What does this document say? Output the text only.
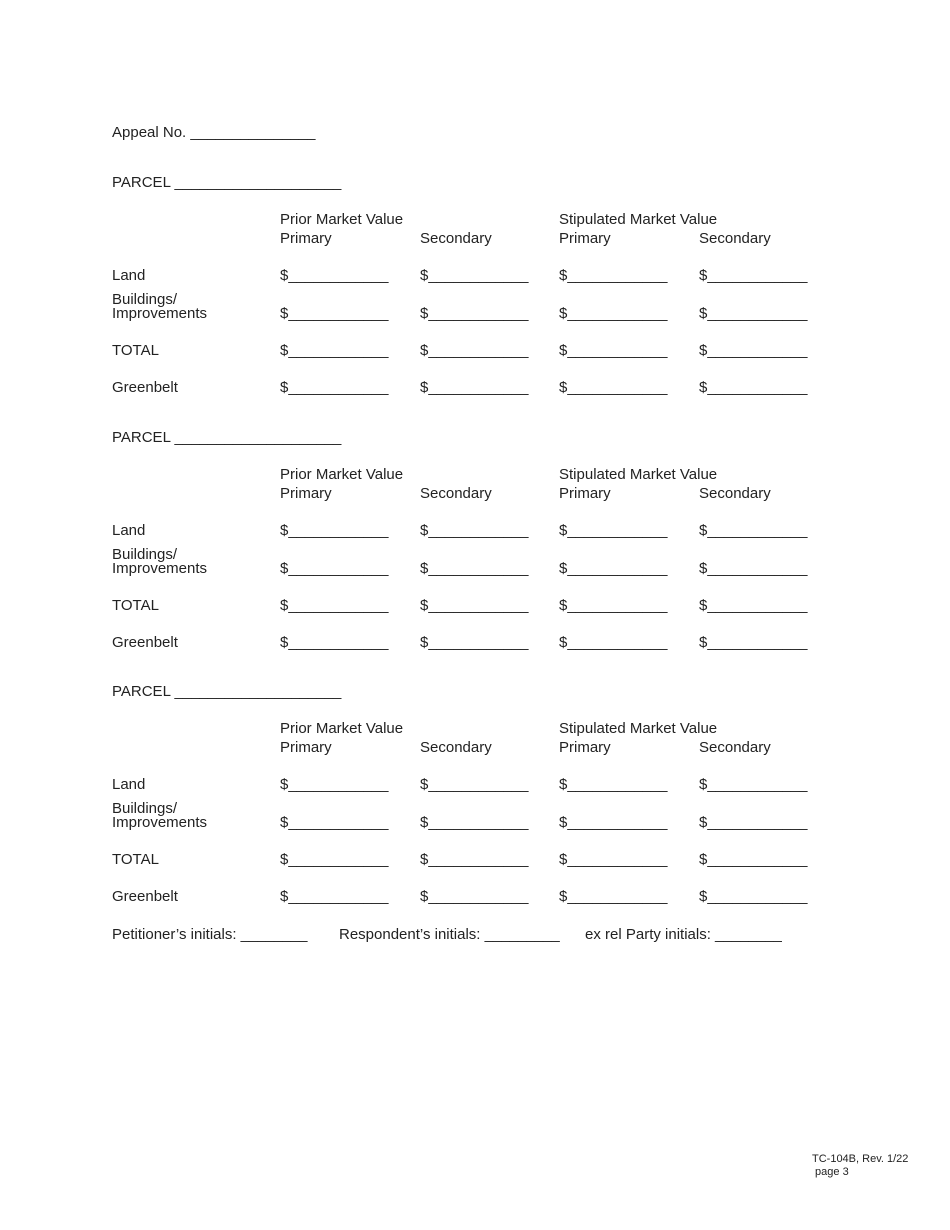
Appeal No. _______________
PARCEL ____________________
Prior Market Value	Stipulated Market Value
Primary	Secondary	Primary	Secondary
Land	$____________ $____________ $____________ $____________
Buildings/
Improvements	$____________ $____________ $____________ $____________
TOTAL	$____________ $____________ $____________ $____________
Greenbelt	$____________ $____________ $____________ $____________
PARCEL ____________________
Prior Market Value	Stipulated Market Value
Primary	Secondary	Primary	Secondary
Land	$____________ $____________ $____________ $____________
Buildings/
Improvements	$____________ $____________ $____________ $____________
TOTAL	$____________ $____________ $____________ $____________
Greenbelt	$____________ $____________ $____________ $____________
PARCEL ____________________
Prior Market Value	Stipulated Market Value
Primary	Secondary	Primary	Secondary
Land	$____________ $____________ $____________ $____________
Buildings/
Improvements	$____________ $____________ $____________ $____________
TOTAL	$____________ $____________ $____________ $____________
Greenbelt	$____________ $____________ $____________ $____________
Petitioner’s initials: ________ Respondent’s initials: _________ ex rel Party initials: ________
TC-104B, Rev. 1/22
page 3
